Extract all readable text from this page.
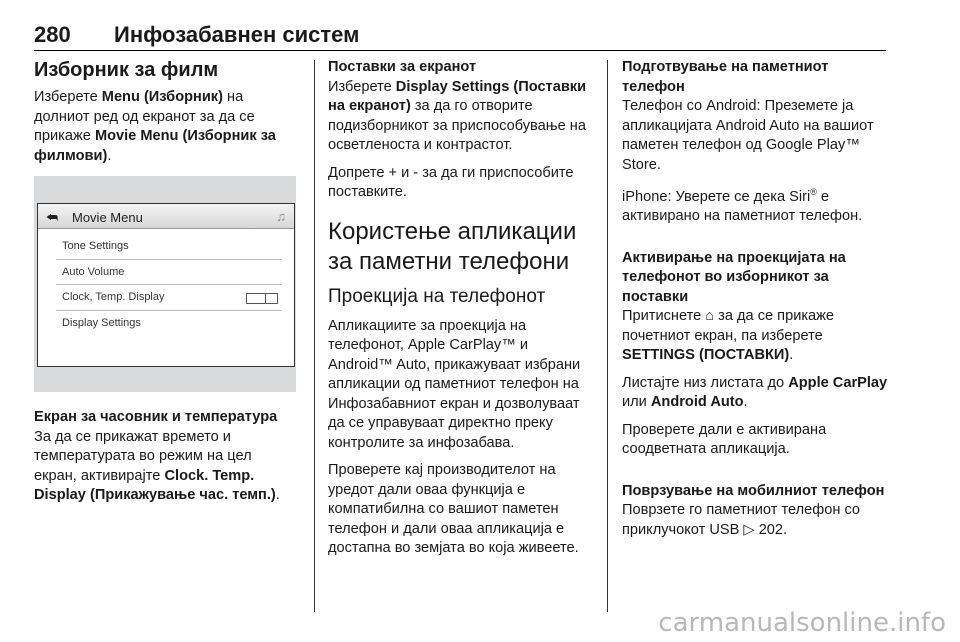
280 Инфозабавнен систем
Изборник за филм

Изберете Menu (Изборник) на долниот ред од екранот за да се прикаже Movie Menu (Изборник за филмови).

⮪ Movie Menu	♫
Tone Settings
Auto Volume
Clock, Temp. Display
Display Settings
Екран за часовник и температура

За да се прикажат времето и температурата во режим на цел екран, активирајте Clock. Temp. Display (Прикажување час. темп.).

Поставки за екранот

Изберете Display Settings (Поставки на екранот) за да го отворите подизборникот за приспособување на осветленоста и контрастот.

Допрете + и - за да ги приспособите поставките.

Користење апликации за паметни телефони
Проекција на телефонот

Апликациите за проекција на телефонот, Apple CarPlay™ и Android™ Auto, прикажуваат избрани апликации од паметниот телефон на Инфозабавниот екран и дозволуваат да се управуваат директно преку контролите за инфозабава.

Проверете кај производителот на уредот дали оваа функција е компатибилна со вашиот паметен телефон и дали оваа апликација е достапна во земјата во која живеете.

Подготвување на паметниот телефон

Телефон со Android: Преземете ја апликацијата Android Auto на вашиот паметен телефон од Google Play™ Store.

iPhone: Уверете се дека Siri® е активирано на паметниот телефон.

Активирање на проекцијата на телефонот во изборникот за поставки

Притиснете ⌂ за да се прикаже почетниот екран, па изберете SETTINGS (ПОСТАВКИ).

Листајте низ листата до Apple CarPlay или Android Auto.

Проверете дали е активирана соодветната апликација.

Поврзување на мобилниот телефон

Поврзете го паметниот телефон со приклучокот USB ▷ 202.

carmanualsonline.info
